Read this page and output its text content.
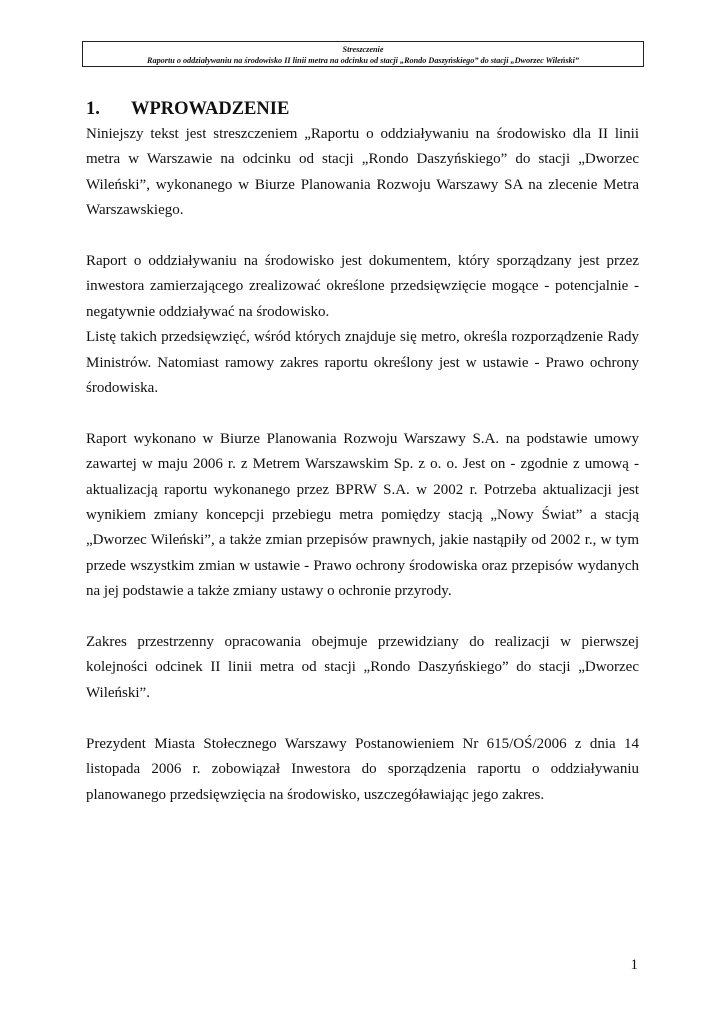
Streszczenie
Raportu o oddziaływaniu na środowisko II linii metra na odcinku od stacji „Rondo Daszyńskiego” do stacji „Dworzec Wileński”
1. WPROWADZENIE

Niniejszy tekst jest streszczeniem „Raportu o oddziaływaniu na środowisko dla II linii metra w Warszawie na odcinku od stacji „Rondo Daszyńskiego” do stacji „Dworzec Wileński”, wykonanego w Biurze Planowania Rozwoju Warszawy SA na zlecenie Metra Warszawskiego.

Raport o oddziaływaniu na środowisko jest dokumentem, który sporządzany jest przez inwestora zamierzającego zrealizować określone przedsięwzięcie mogące - potencjalnie - negatywnie oddziaływać na środowisko.

Listę takich przedsięwzięć, wśród których znajduje się metro, określa rozporządzenie Rady Ministrów. Natomiast ramowy zakres raportu określony jest w ustawie - Prawo ochrony środowiska.

Raport wykonano w Biurze Planowania Rozwoju Warszawy S.A. na podstawie umowy zawartej w maju 2006 r. z Metrem Warszawskim Sp. z o. o. Jest on - zgodnie z umową - aktualizacją raportu wykonanego przez BPRW S.A. w 2002 r. Potrzeba aktualizacji jest wynikiem zmiany koncepcji przebiegu metra pomiędzy stacją „Nowy Świat” a stacją „Dworzec Wileński”, a także zmian przepisów prawnych, jakie nastąpiły od 2002 r., w tym przede wszystkim zmian w ustawie - Prawo ochrony środowiska oraz przepisów wydanych na jej podstawie a także zmiany ustawy o ochronie przyrody.

Zakres przestrzenny opracowania obejmuje przewidziany do realizacji w pierwszej kolejności odcinek II linii metra od stacji „Rondo Daszyńskiego” do stacji „Dworzec Wileński”.

Prezydent Miasta Stołecznego Warszawy Postanowieniem Nr 615/OŚ/2006 z dnia 14 listopada 2006 r. zobowiązał Inwestora do sporządzenia raportu o oddziaływaniu planowanego przedsięwzięcia na środowisko, uszczegóławiając jego zakres.

1
